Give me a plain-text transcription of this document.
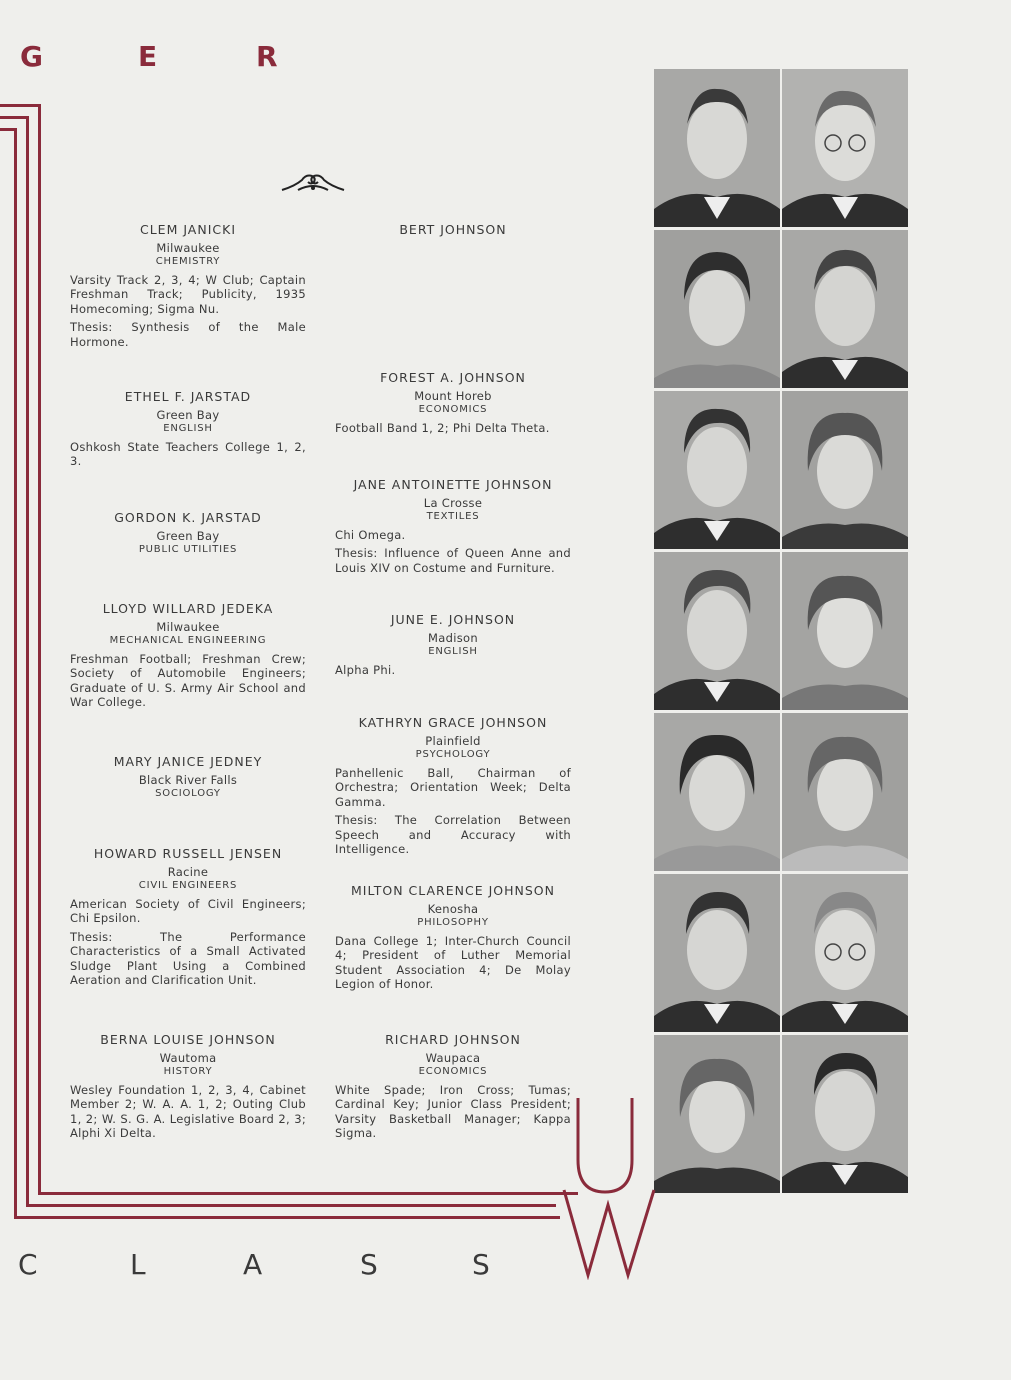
G	E	R
CLEM JANICKI
Milwaukee
CHEMISTRY
Varsity Track 2, 3, 4; W Club; Captain Freshman Track; Publicity, 1935 Homecoming; Sigma Nu.
Thesis: Synthesis of the Male Hormone.
ETHEL F. JARSTAD
Green Bay
ENGLISH
Oshkosh State Teachers College 1, 2, 3.
GORDON K. JARSTAD
Green Bay
PUBLIC UTILITIES
LLOYD WILLARD JEDEKA
Milwaukee
MECHANICAL ENGINEERING
Freshman Football; Freshman Crew; Society of Automobile Engineers; Graduate of U. S. Army Air School and War College.
MARY JANICE JEDNEY
Black River Falls
SOCIOLOGY
HOWARD RUSSELL JENSEN
Racine
CIVIL ENGINEERS
American Society of Civil Engineers; Chi Epsilon.
Thesis: The Performance Characteristics of a Small Activated Sludge Plant Using a Combined Aeration and Clarification Unit.
BERNA LOUISE JOHNSON
Wautoma
HISTORY
Wesley Foundation 1, 2, 3, 4, Cabinet Member 2; W. A. A. 1, 2; Outing Club 1, 2; W. S. G. A. Legislative Board 2, 3; Alphi Xi Delta.
BERT JOHNSON
FOREST A. JOHNSON
Mount Horeb
ECONOMICS
Football Band 1, 2; Phi Delta Theta.
JANE ANTOINETTE JOHNSON
La Crosse
TEXTILES
Chi Omega.
Thesis: Influence of Queen Anne and Louis XIV on Costume and Furniture.
JUNE E. JOHNSON
Madison
ENGLISH
Alpha Phi.
KATHRYN GRACE JOHNSON
Plainfield
PSYCHOLOGY
Panhellenic Ball, Chairman of Orchestra; Orientation Week; Delta Gamma.
Thesis: The Correlation Between Speech and Accuracy with Intelligence.
MILTON CLARENCE JOHNSON
Kenosha
PHILOSOPHY
Dana College 1; Inter-Church Council 4; President of Luther Memorial Student Association 4; De Molay Legion of Honor.
RICHARD JOHNSON
Waupaca
ECONOMICS
White Spade; Iron Cross; Tumas; Cardinal Key; Junior Class President; Varsity Basketball Manager; Kappa Sigma.
C	L	A	S	S
